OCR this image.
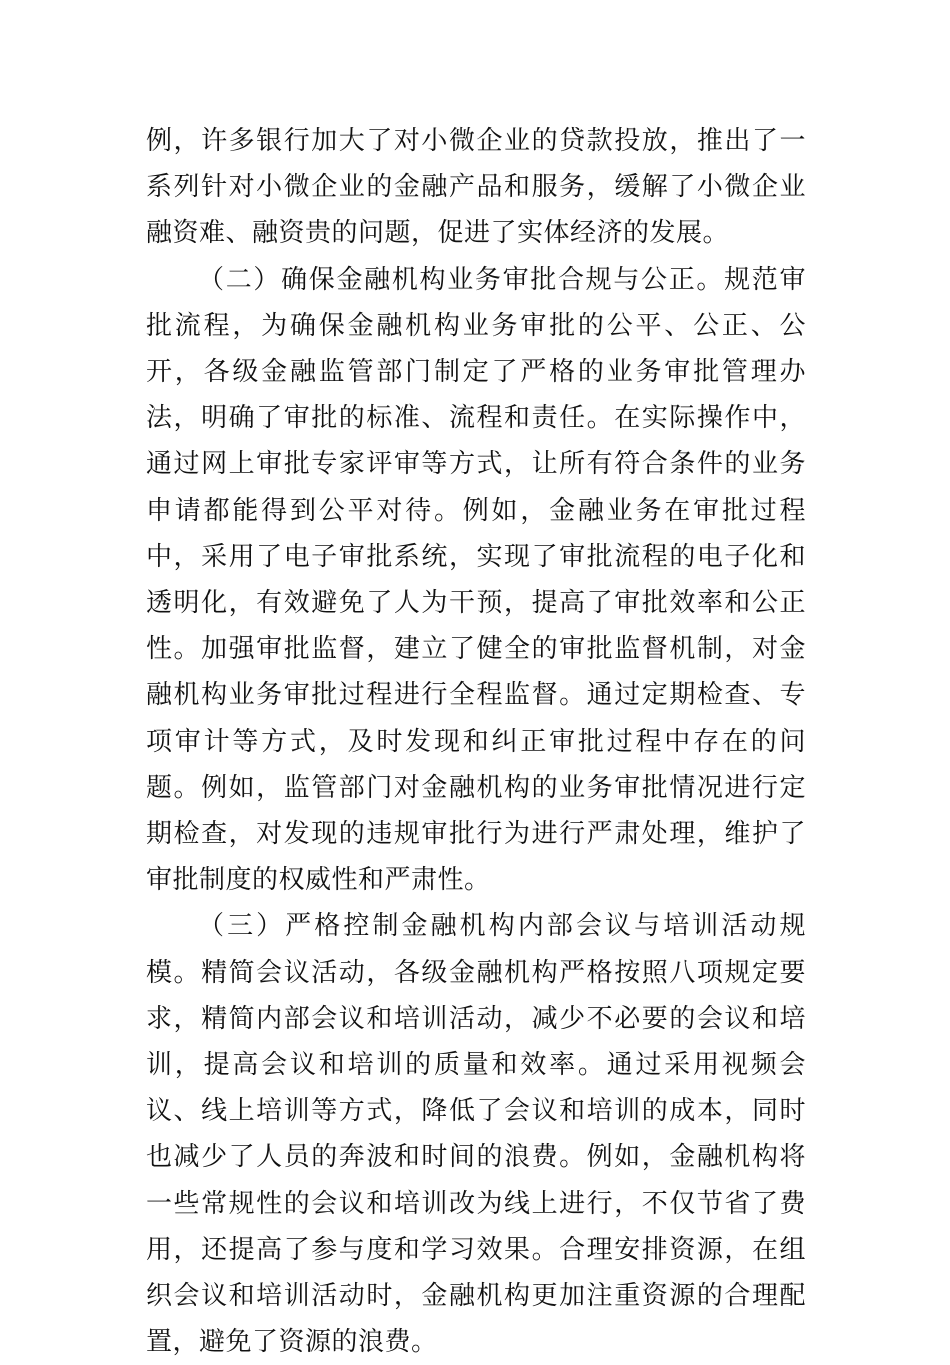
例，许多银行加大了对小微企业的贷款投放，推出了一系列针对小微企业的金融产品和服务，缓解了小微企业融资难、融资贵的问题，促进了实体经济的发展。

（二）确保金融机构业务审批合规与公正。规范审批流程，为确保金融机构业务审批的公平、公正、公开，各级金融监管部门制定了严格的业务审批管理办法，明确了审批的标准、流程和责任。在实际操作中，通过网上审批专家评审等方式，让所有符合条件的业务申请都能得到公平对待。例如，金融业务在审批过程中，采用了电子审批系统，实现了审批流程的电子化和透明化，有效避免了人为干预，提高了审批效率和公正性。加强审批监督，建立了健全的审批监督机制，对金融机构业务审批过程进行全程监督。通过定期检查、专项审计等方式，及时发现和纠正审批过程中存在的问题。例如，监管部门对金融机构的业务审批情况进行定期检查，对发现的违规审批行为进行严肃处理，维护了审批制度的权威性和严肃性。

（三）严格控制金融机构内部会议与培训活动规模。精简会议活动，各级金融机构严格按照八项规定要求，精简内部会议和培训活动，减少不必要的会议和培训，提高会议和培训的质量和效率。通过采用视频会议、线上培训等方式，降低了会议和培训的成本，同时也减少了人员的奔波和时间的浪费。例如，金融机构将一些常规性的会议和培训改为线上进行，不仅节省了费用，还提高了参与度和学习效果。合理安排资源，在组织会议和培训活动时，金融机构更加注重资源的合理配置，避免了资源的浪费。
